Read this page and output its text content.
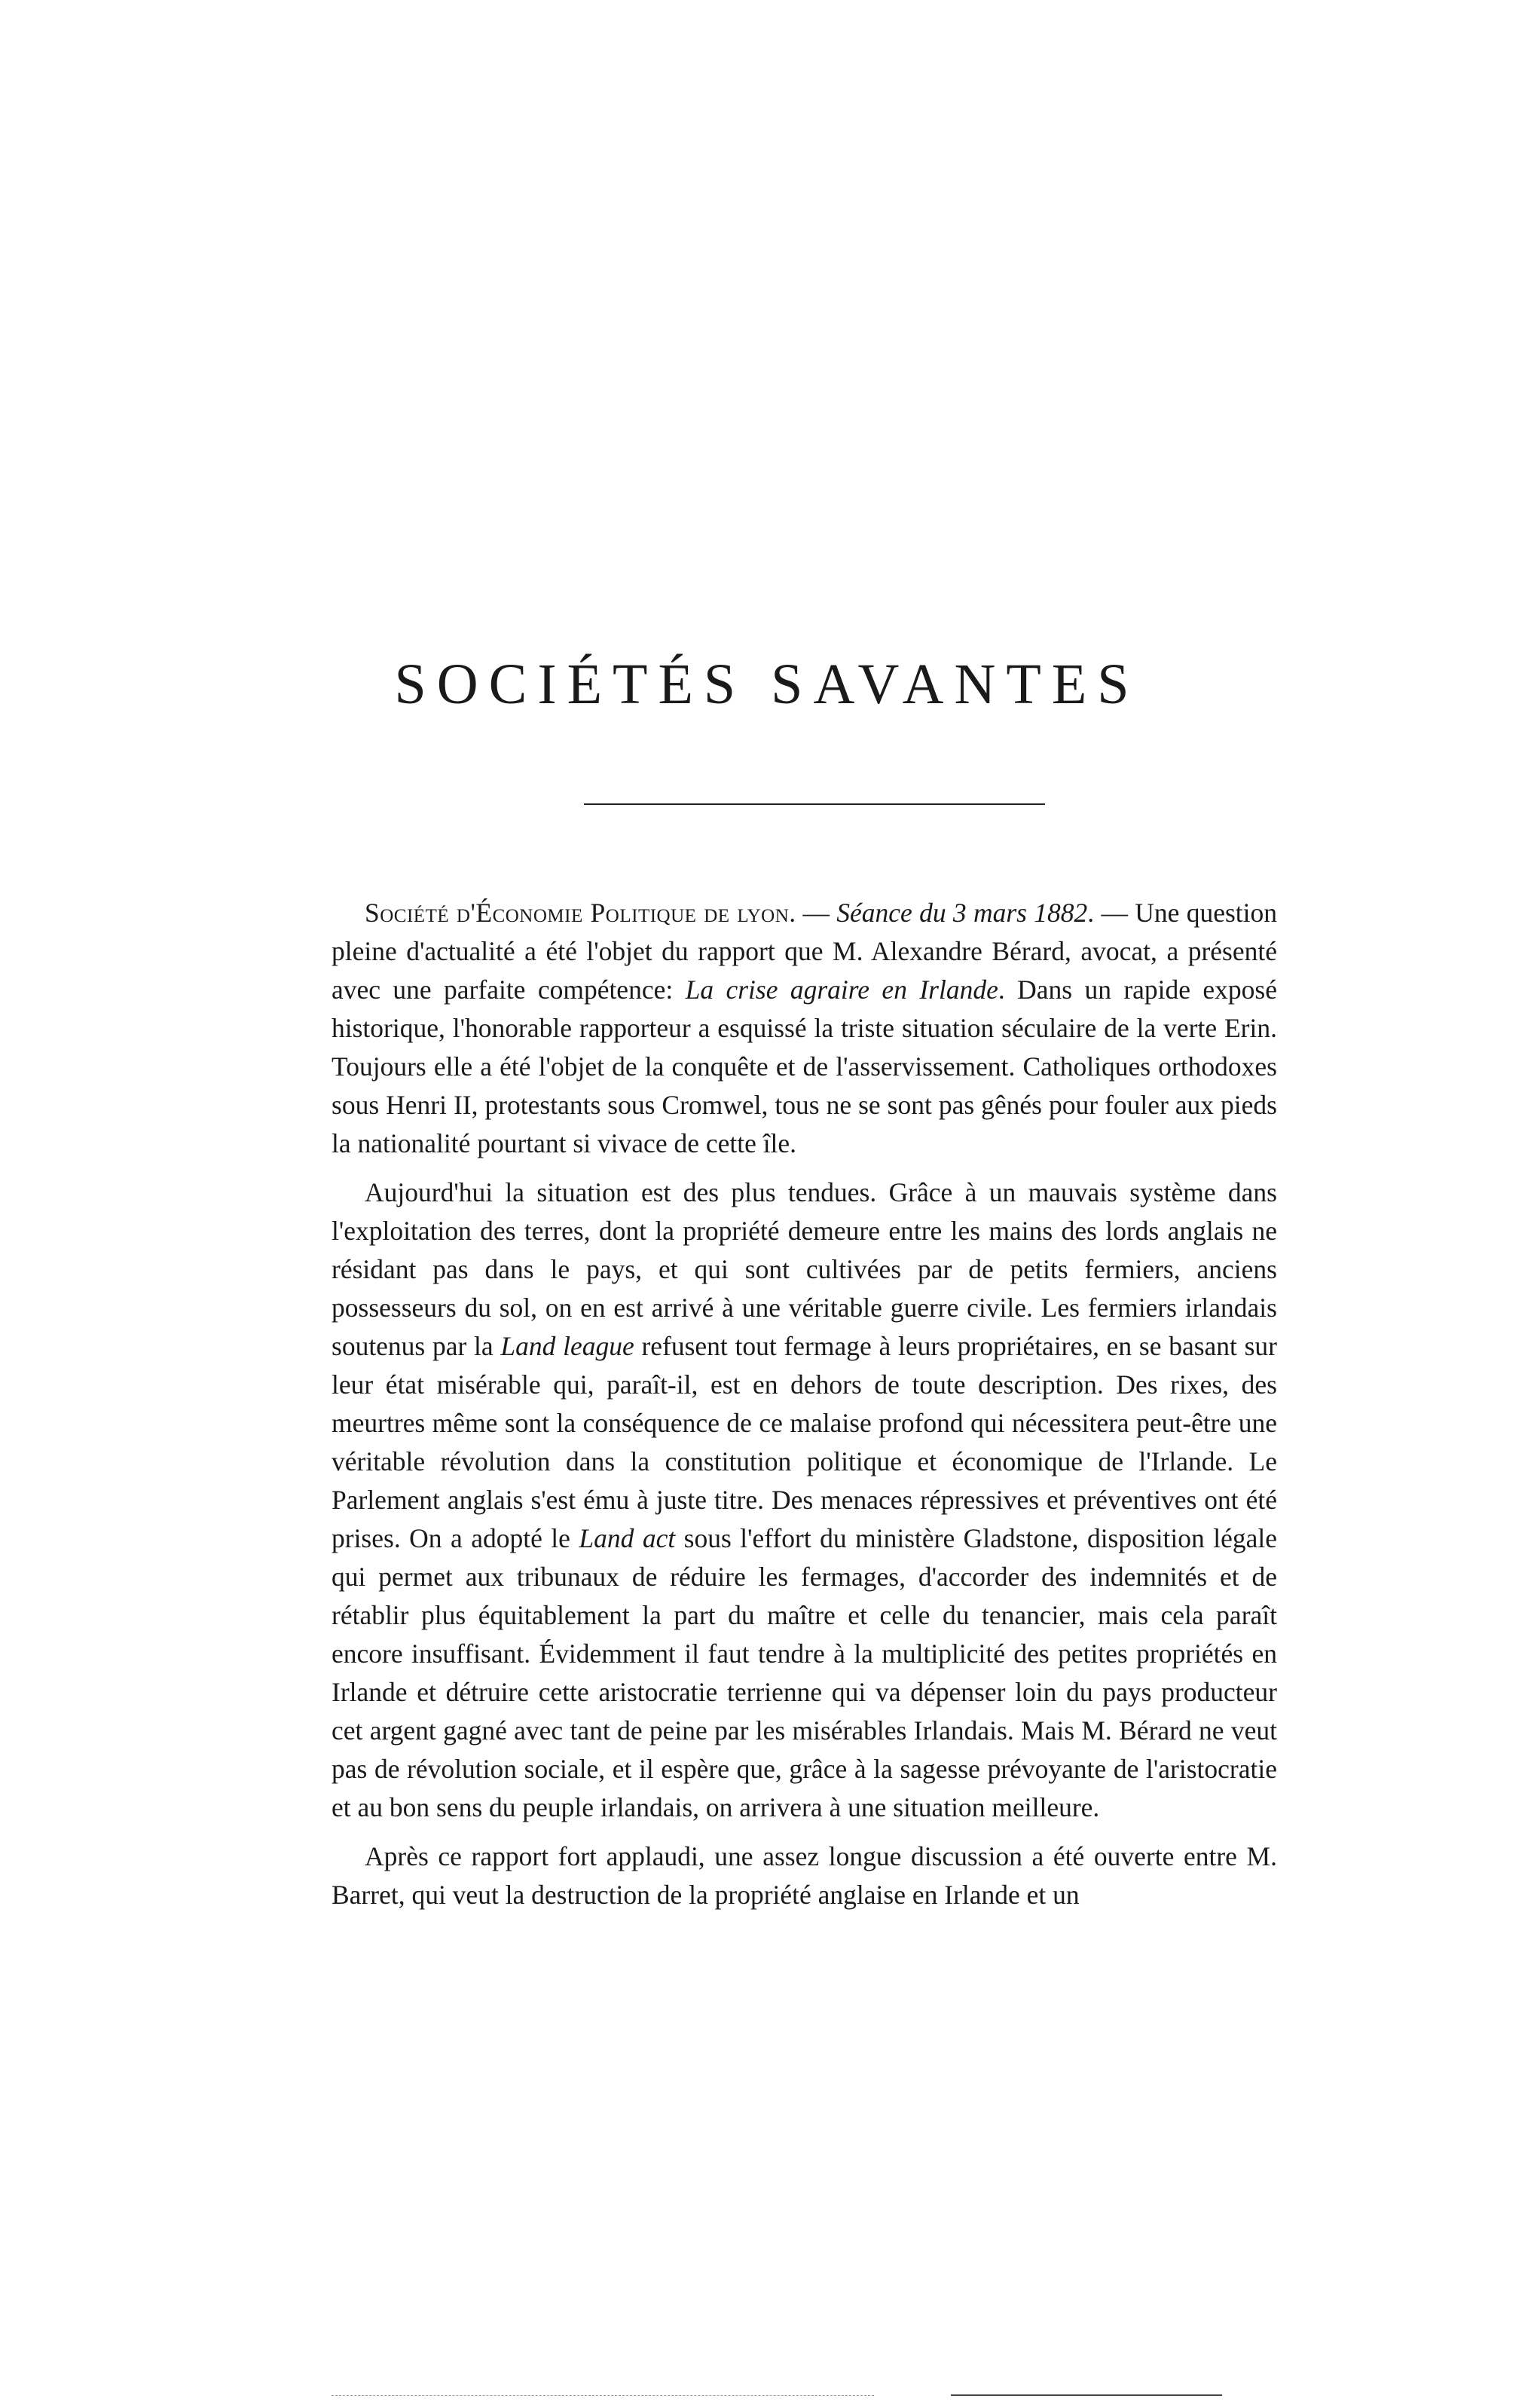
SOCIÉTÉS SAVANTES

Société d'Économie Politique de lyon. — Séance du 3 mars 1882. — Une question pleine d'actualité a été l'objet du rapport que M. Alexandre Bérard, avocat, a présenté avec une parfaite compétence: La crise agraire en Irlande. Dans un rapide exposé historique, l'honorable rapporteur a esquissé la triste situation séculaire de la verte Erin. Toujours elle a été l'objet de la conquête et de l'asservissement. Catholiques orthodoxes sous Henri II, protestants sous Cromwel, tous ne se sont pas gênés pour fouler aux pieds la nationalité pourtant si vivace de cette île.

Aujourd'hui la situation est des plus tendues. Grâce à un mauvais système dans l'exploitation des terres, dont la propriété demeure entre les mains des lords anglais ne résidant pas dans le pays, et qui sont cultivées par de petits fermiers, anciens possesseurs du sol, on en est arrivé à une véritable guerre civile. Les fermiers irlandais soutenus par la Land league refusent tout fermage à leurs propriétaires, en se basant sur leur état misérable qui, paraît-il, est en dehors de toute description. Des rixes, des meurtres même sont la conséquence de ce malaise profond qui nécessitera peut-être une véritable révolution dans la constitution politique et économique de l'Irlande. Le Parlement anglais s'est ému à juste titre. Des menaces répressives et préventives ont été prises. On a adopté le Land act sous l'effort du ministère Gladstone, disposition légale qui permet aux tribunaux de réduire les fermages, d'accorder des indemnités et de rétablir plus équitablement la part du maître et celle du tenancier, mais cela paraît encore insuffisant. Évidemment il faut tendre à la multiplicité des petites propriétés en Irlande et détruire cette aristocratie terrienne qui va dépenser loin du pays producteur cet argent gagné avec tant de peine par les misérables Irlandais. Mais M. Bérard ne veut pas de révolution sociale, et il espère que, grâce à la sagesse prévoyante de l'aristocratie et au bon sens du peuple irlandais, on arrivera à une situation meilleure.

Après ce rapport fort applaudi, une assez longue discussion a été ouverte entre M. Barret, qui veut la destruction de la propriété anglaise en Irlande et un
